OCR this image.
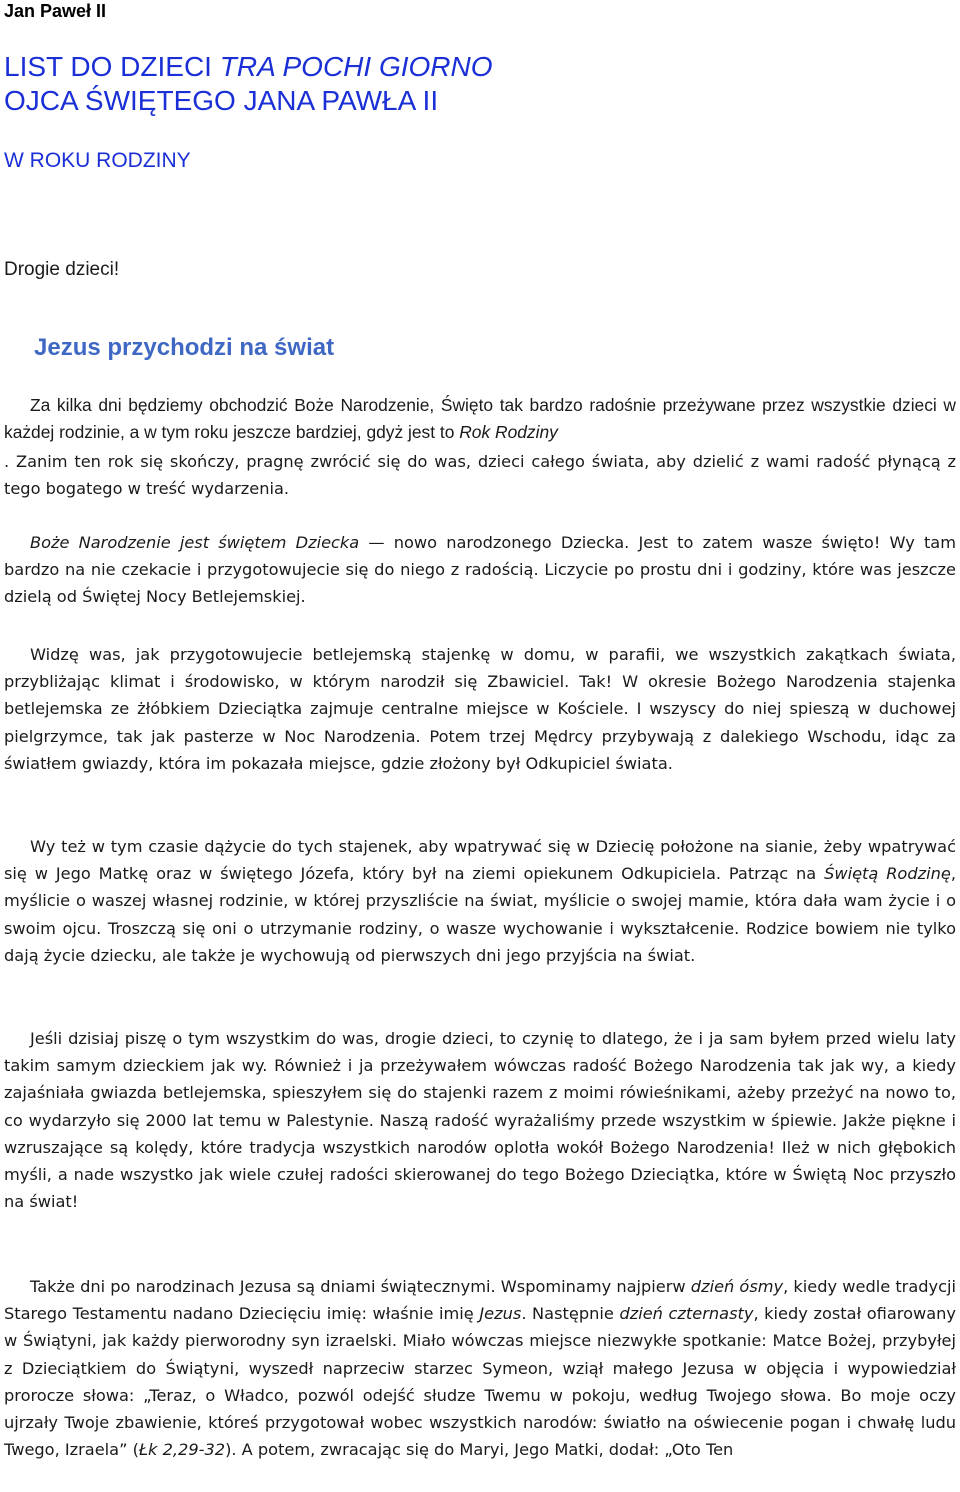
Jan Paweł II

LIST DO DZIECI TRA POCHI GIORNO
OJCA ŚWIĘTEGO JANA PAWŁA II
W ROKU RODZINY

Drogie dzieci!

Jezus przychodzi na świat

Za kilka dni będziemy obchodzić Boże Narodzenie, Święto tak bardzo radośnie przeżywane przez wszystkie dzieci w każdej rodzinie, a w tym roku jeszcze bardziej, gdyż jest to Rok Rodziny

. Zanim ten rok się skończy, pragnę zwrócić się do was, dzieci całego świata, aby dzielić z wami radość płynącą z tego bogatego w treść wydarzenia.

Boże Narodzenie jest świętem Dziecka — nowo narodzonego Dziecka. Jest to zatem wasze święto! Wy tam bardzo na nie czekacie i przygotowujecie się do niego z radością. Liczycie po prostu dni i godziny, które was jeszcze dzielą od Świętej Nocy Betlejemskiej.

Widzę was, jak przygotowujecie betlejemską stajenkę w domu, w parafii, we wszystkich zakątkach świata, przybliżając klimat i środowisko, w którym narodził się Zbawiciel. Tak! W okresie Bożego Narodzenia stajenka betlejemska ze żłóbkiem Dzieciątka zajmuje centralne miejsce w Kościele. I wszyscy do niej spieszą w duchowej pielgrzymce, tak jak pasterze w Noc Narodzenia. Potem trzej Mędrcy przybywają z dalekiego Wschodu, idąc za światłem gwiazdy, która im pokazała miejsce, gdzie złożony był Odkupiciel świata.

Wy też w tym czasie dążycie do tych stajenek, aby wpatrywać się w Dziecię położone na sianie, żeby wpatrywać się w Jego Matkę oraz w świętego Józefa, który był na ziemi opiekunem Odkupiciela. Patrząc na Świętą Rodzinę, myślicie o waszej własnej rodzinie, w której przyszliście na świat, myślicie o swojej mamie, która dała wam życie i o swoim ojcu. Troszczą się oni o utrzymanie rodziny, o wasze wychowanie i wykształcenie. Rodzice bowiem nie tylko dają życie dziecku, ale także je wychowują od pierwszych dni jego przyjścia na świat.

Jeśli dzisiaj piszę o tym wszystkim do was, drogie dzieci, to czynię to dlatego, że i ja sam byłem przed wielu laty takim samym dzieckiem jak wy. Również i ja przeżywałem wówczas radość Bożego Narodzenia tak jak wy, a kiedy zajaśniała gwiazda betlejemska, spieszyłem się do stajenki razem z moimi rówieśnikami, ażeby przeżyć na nowo to, co wydarzyło się 2000 lat temu w Palestynie. Naszą radość wyrażaliśmy przede wszystkim w śpiewie. Jakże piękne i wzruszające są kolędy, które tradycja wszystkich narodów oplotła wokół Bożego Narodzenia! Ileż w nich głębokich myśli, a nade wszystko jak wiele czułej radości skierowanej do tego Bożego Dzieciątka, które w Świętą Noc przyszło na świat!

Także dni po narodzinach Jezusa są dniami świątecznymi. Wspominamy najpierw dzień ósmy, kiedy wedle tradycji Starego Testamentu nadano Dziecięciu imię: właśnie imię Jezus. Następnie dzień czternasty, kiedy został ofiarowany w Świątyni, jak każdy pierworodny syn izraelski. Miało wówczas miejsce niezwykłe spotkanie: Matce Bożej, przybyłej z Dzieciątkiem do Świątyni, wyszedł naprzeciw starzec Symeon, wziął małego Jezusa w objęcia i wypowiedział prorocze słowa: „Teraz, o Władco, pozwól odejść słudze Twemu w pokoju, według Twojego słowa. Bo moje oczy ujrzały Twoje zbawienie, któreś przygotował wobec wszystkich narodów: światło na oświecenie pogan i chwałę ludu Twego, Izraela” (Łk 2,29-32). A potem, zwracając się do Maryi, Jego Matki, dodał: „Oto Ten
